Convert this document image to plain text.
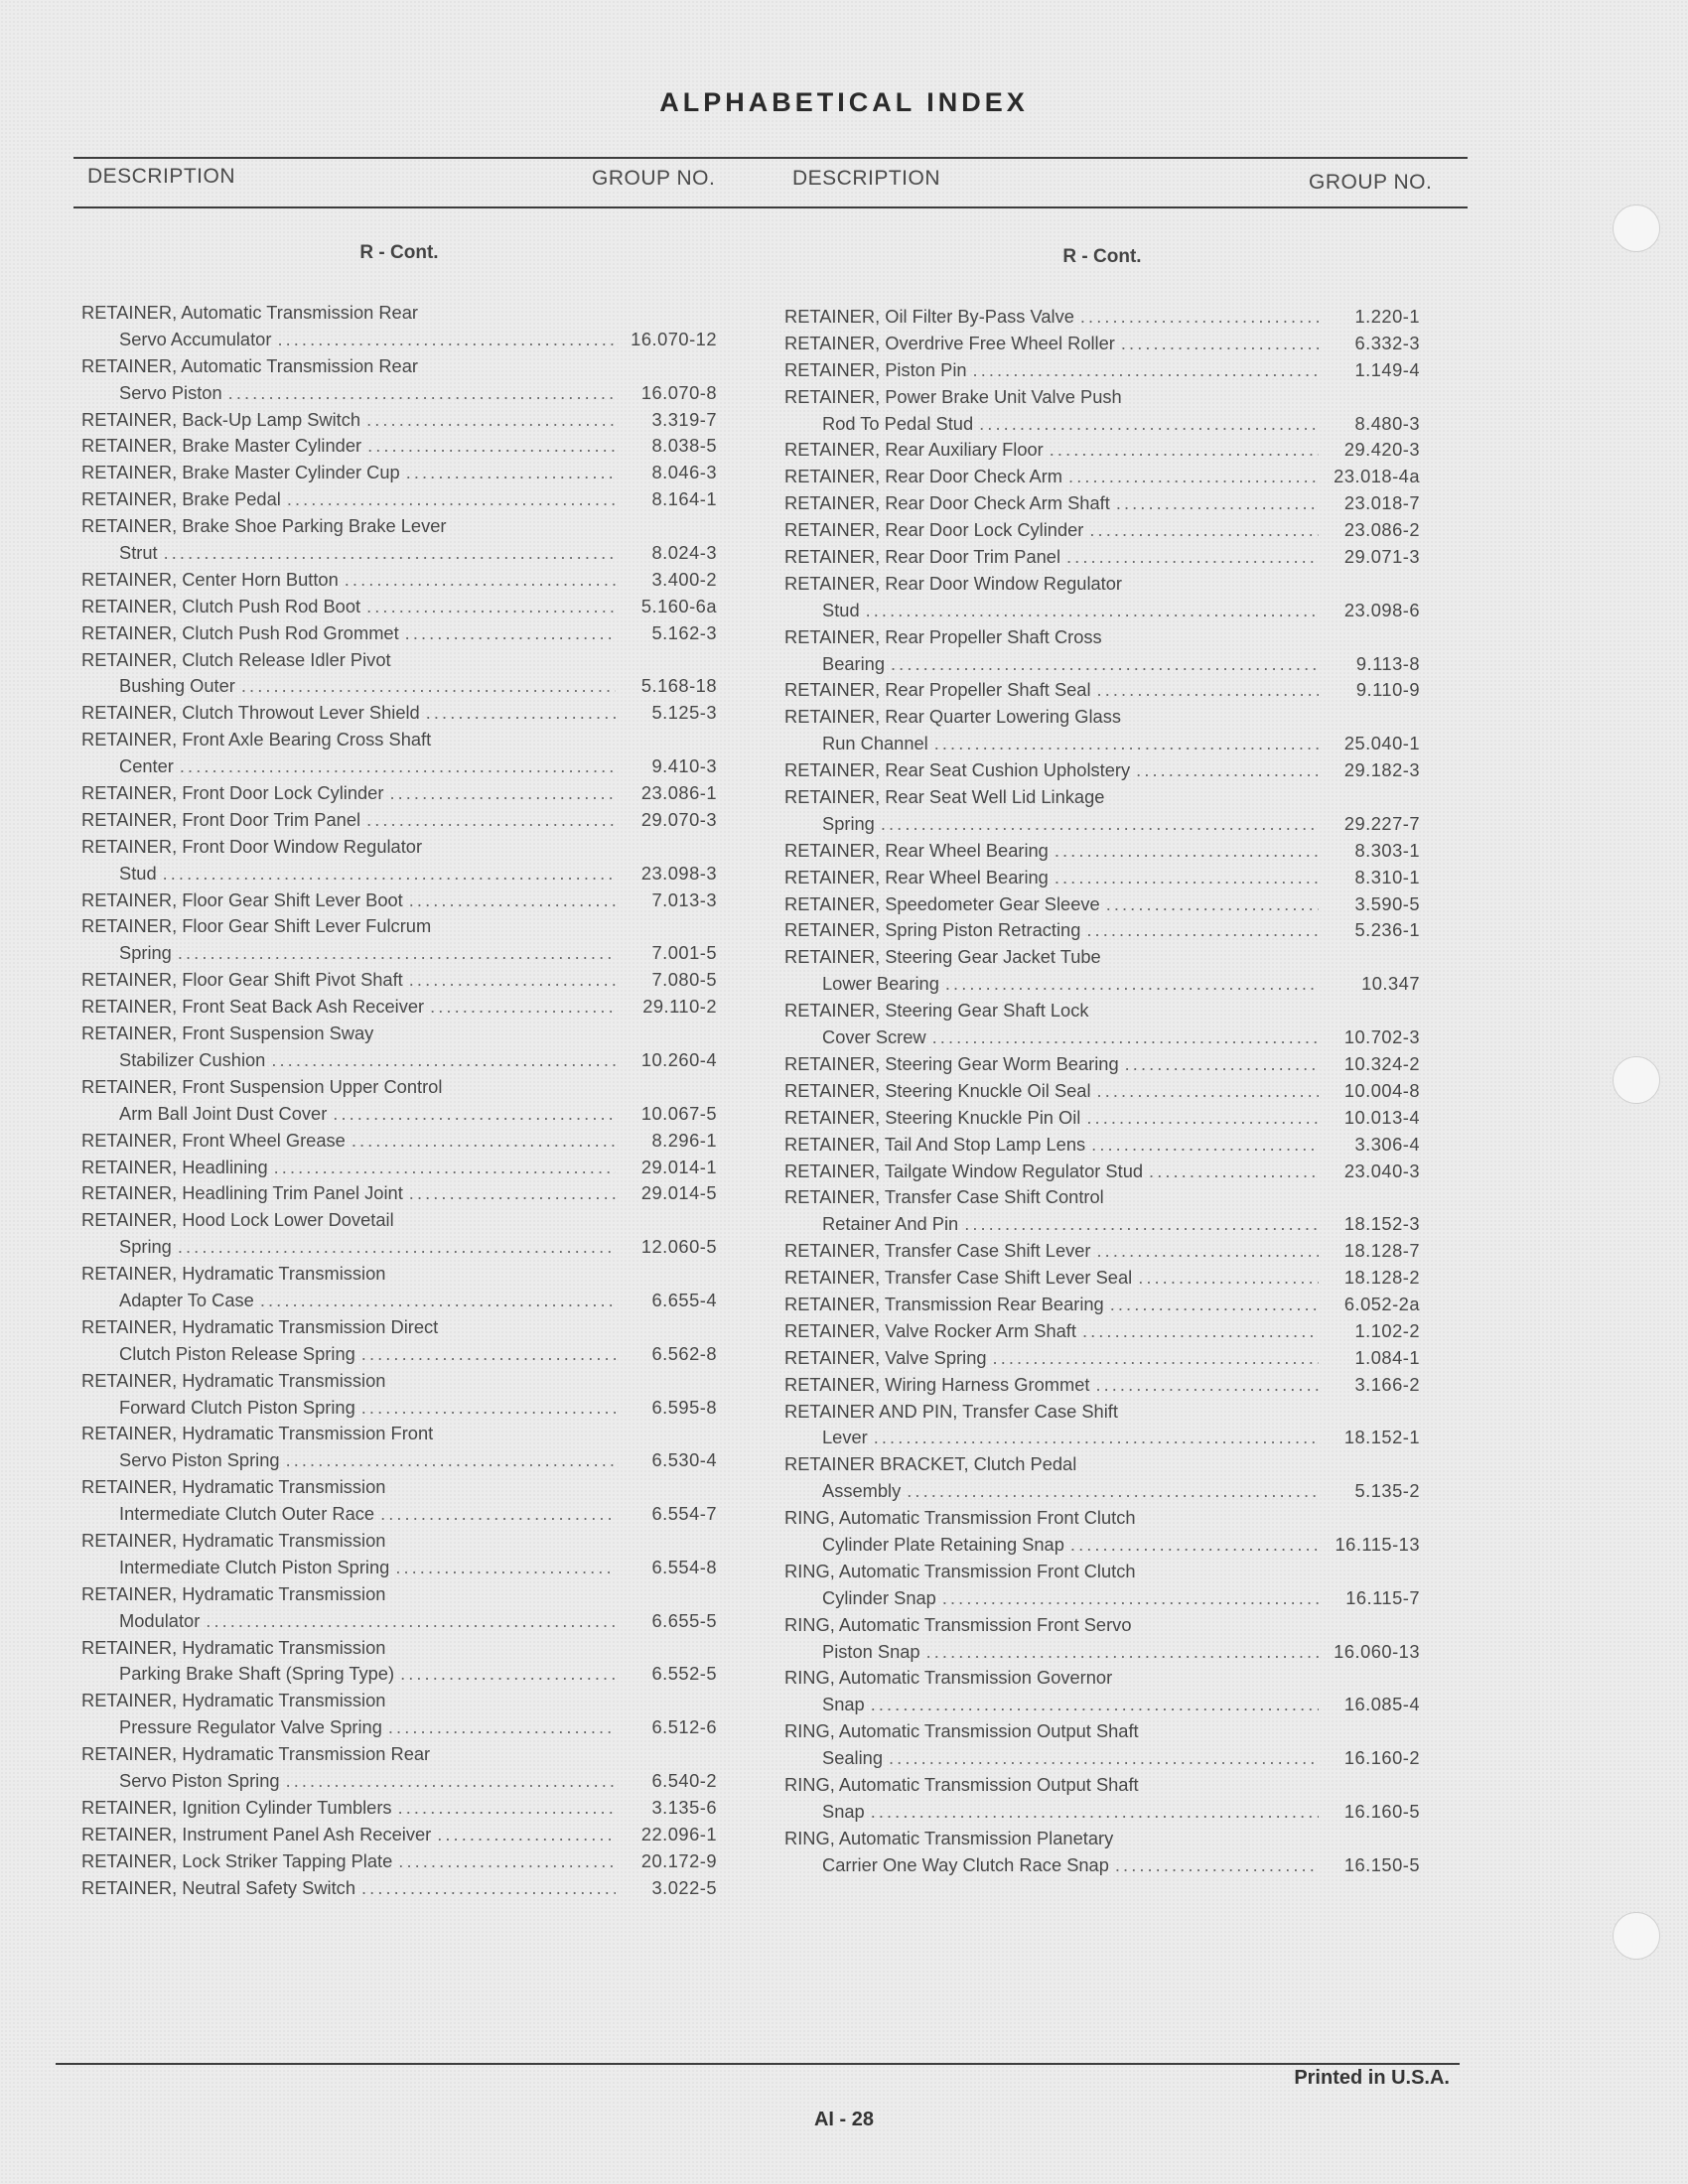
ALPHABETICAL INDEX
DESCRIPTION	GROUP NO.	DESCRIPTION	GROUP NO.
R - Cont.
RETAINER, Automatic Transmission Rear
Servo Accumulator . . .	16.070-12
RETAINER, Automatic Transmission Rear
Servo Piston . . .	16.070-8
RETAINER, Back-Up Lamp Switch . . .	3.319-7
RETAINER, Brake Master Cylinder . . .	8.038-5
RETAINER, Brake Master Cylinder Cup . . .	8.046-3
RETAINER, Brake Pedal . . .	8.164-1
RETAINER, Brake Shoe Parking Brake Lever
Strut . . .	8.024-3
RETAINER, Center Horn Button . . .	3.400-2
RETAINER, Clutch Push Rod Boot . . .	5.160-6a
RETAINER, Clutch Push Rod Grommet . . .	5.162-3
RETAINER, Clutch Release Idler Pivot
Bushing Outer . . .	5.168-18
RETAINER, Clutch Throwout Lever Shield . . .	5.125-3
RETAINER, Front Axle Bearing Cross Shaft
Center . . .	9.410-3
RETAINER, Front Door Lock Cylinder . . .	23.086-1
RETAINER, Front Door Trim Panel . . .	29.070-3
RETAINER, Front Door Window Regulator
Stud . . .	23.098-3
RETAINER, Floor Gear Shift Lever Boot . . .	7.013-3
RETAINER, Floor Gear Shift Lever Fulcrum
Spring . . .	7.001-5
RETAINER, Floor Gear Shift Pivot Shaft . . .	7.080-5
RETAINER, Front Seat Back Ash Receiver . . .	29.110-2
RETAINER, Front Suspension Sway
Stabilizer Cushion . . .	10.260-4
RETAINER, Front Suspension Upper Control
Arm Ball Joint Dust Cover . . .	10.067-5
RETAINER, Front Wheel Grease . . .	8.296-1
RETAINER, Headlining . . .	29.014-1
RETAINER, Headlining Trim Panel Joint . . .	29.014-5
RETAINER, Hood Lock Lower Dovetail
Spring . . .	12.060-5
RETAINER, Hydramatic Transmission
Adapter To Case . . .	6.655-4
RETAINER, Hydramatic Transmission Direct
Clutch Piston Release Spring . . .	6.562-8
RETAINER, Hydramatic Transmission
Forward Clutch Piston Spring . . .	6.595-8
RETAINER, Hydramatic Transmission Front
Servo Piston Spring . . .	6.530-4
RETAINER, Hydramatic Transmission
Intermediate Clutch Outer Race . . .	6.554-7
RETAINER, Hydramatic Transmission
Intermediate Clutch Piston Spring . . .	6.554-8
RETAINER, Hydramatic Transmission
Modulator . . .	6.655-5
RETAINER, Hydramatic Transmission
Parking Brake Shaft (Spring Type) . . .	6.552-5
RETAINER, Hydramatic Transmission
Pressure Regulator Valve Spring . . .	6.512-6
RETAINER, Hydramatic Transmission Rear
Servo Piston Spring . . .	6.540-2
RETAINER, Ignition Cylinder Tumblers . . .	3.135-6
RETAINER, Instrument Panel Ash Receiver . . .	22.096-1
RETAINER, Lock Striker Tapping Plate . . .	20.172-9
RETAINER, Neutral Safety Switch . . .	3.022-5
R - Cont.
RETAINER, Oil Filter By-Pass Valve . . .	1.220-1
RETAINER, Overdrive Free Wheel Roller . . .	6.332-3
RETAINER, Piston Pin . . .	1.149-4
RETAINER, Power Brake Unit Valve Push
Rod To Pedal Stud . . .	8.480-3
RETAINER, Rear Auxiliary Floor . . .	29.420-3
RETAINER, Rear Door Check Arm . . .	23.018-4a
RETAINER, Rear Door Check Arm Shaft . . .	23.018-7
RETAINER, Rear Door Lock Cylinder . . .	23.086-2
RETAINER, Rear Door Trim Panel . . .	29.071-3
RETAINER, Rear Door Window Regulator
Stud . . .	23.098-6
RETAINER, Rear Propeller Shaft Cross
Bearing . . .	9.113-8
RETAINER, Rear Propeller Shaft Seal . . .	9.110-9
RETAINER, Rear Quarter Lowering Glass
Run Channel . . .	25.040-1
RETAINER, Rear Seat Cushion Upholstery . . .	29.182-3
RETAINER, Rear Seat Well Lid Linkage
Spring . . .	29.227-7
RETAINER, Rear Wheel Bearing . . .	8.303-1
RETAINER, Rear Wheel Bearing . . .	8.310-1
RETAINER, Speedometer Gear Sleeve . . .	3.590-5
RETAINER, Spring Piston Retracting . . .	5.236-1
RETAINER, Steering Gear Jacket Tube
Lower Bearing . . .	10.347
RETAINER, Steering Gear Shaft Lock
Cover Screw . . .	10.702-3
RETAINER, Steering Gear Worm Bearing . . .	10.324-2
RETAINER, Steering Knuckle Oil Seal . . .	10.004-8
RETAINER, Steering Knuckle Pin Oil . . .	10.013-4
RETAINER, Tail And Stop Lamp Lens . . .	3.306-4
RETAINER, Tailgate Window Regulator Stud . . .	23.040-3
RETAINER, Transfer Case Shift Control
Retainer And Pin . . .	18.152-3
RETAINER, Transfer Case Shift Lever . . .	18.128-7
RETAINER, Transfer Case Shift Lever Seal . . .	18.128-2
RETAINER, Transmission Rear Bearing . . .	6.052-2a
RETAINER, Valve Rocker Arm Shaft . . .	1.102-2
RETAINER, Valve Spring . . .	1.084-1
RETAINER, Wiring Harness Grommet . . .	3.166-2
RETAINER AND PIN, Transfer Case Shift
Lever . . .	18.152-1
RETAINER BRACKET, Clutch Pedal
Assembly . . .	5.135-2
RING, Automatic Transmission Front Clutch
Cylinder Plate Retaining Snap . . .	16.115-13
RING, Automatic Transmission Front Clutch
Cylinder Snap . . .	16.115-7
RING, Automatic Transmission Front Servo
Piston Snap . . .	16.060-13
RING, Automatic Transmission Governor
Snap . . .	16.085-4
RING, Automatic Transmission Output Shaft
Sealing . . .	16.160-2
RING, Automatic Transmission Output Shaft
Snap . . .	16.160-5
RING, Automatic Transmission Planetary
Carrier One Way Clutch Race Snap . . .	16.150-5
Printed in U.S.A.
AI - 28
